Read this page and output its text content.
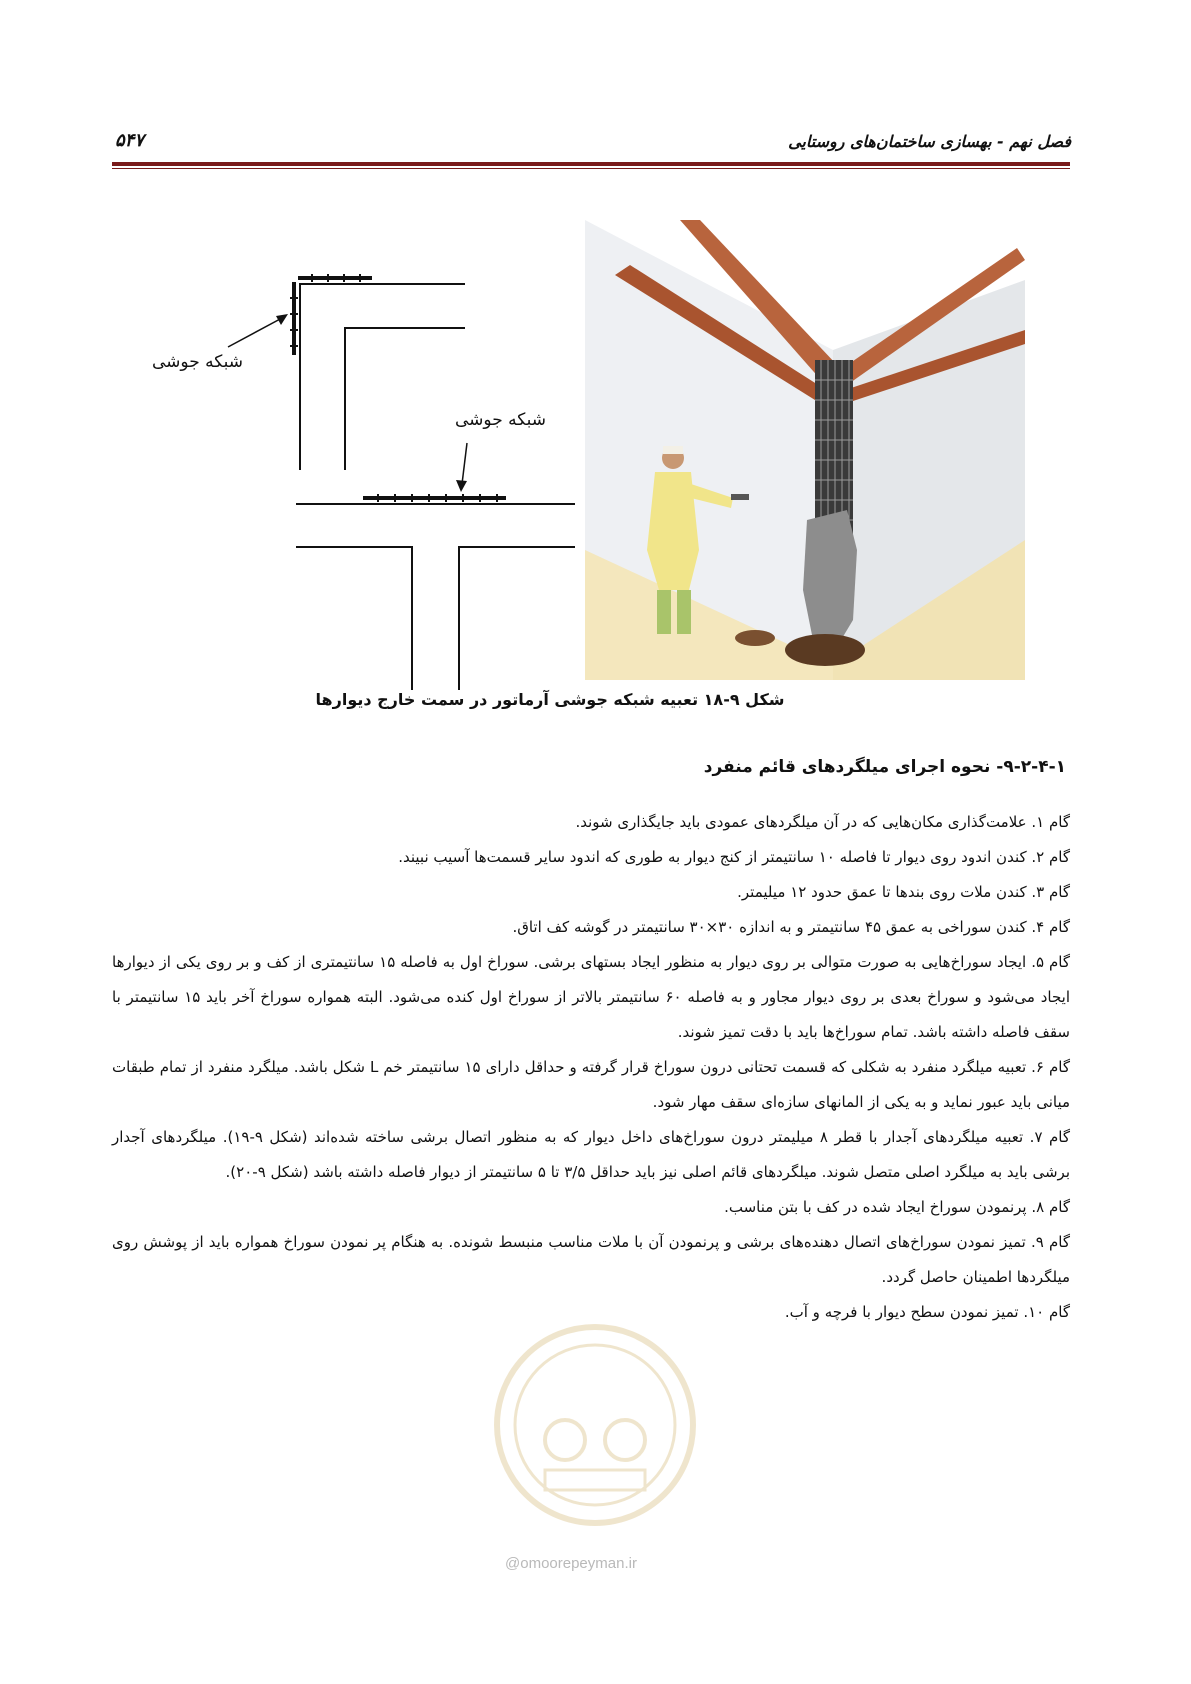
فصل نهم - بهسازی ساختمان‌های روستایی
۵۴۷
شبکه جوشی
شبکه جوشی
شکل ۹-۱۸ تعبیه شبکه جوشی آرماتور در سمت خارج دیوارها
۹-۲-۴-۱- نحوه اجرای میلگردهای قائم منفرد

گام ۱. علامت‌گذاری مکان‌هایی که در آن میلگردهای عمودی باید جایگذاری شوند.

گام ۲. کندن اندود روی دیوار تا فاصله ۱۰ سانتیمتر از کنج دیوار به طوری که اندود سایر قسمت‌ها آسیب نبیند.

گام ۳. کندن ملات روی بندها تا عمق حدود ۱۲ میلیمتر.

گام ۴. کندن سوراخی به عمق ۴۵ سانتیمتر و به اندازه ۳۰×۳۰ سانتیمتر در گوشه کف اتاق.

گام ۵. ایجاد سوراخ‌هایی به صورت متوالی بر روی دیوار به منظور ایجاد بستهای برشی. سوراخ اول به فاصله ۱۵ سانتیمتری از کف و بر روی یکی از دیوارها ایجاد می‌شود و سوراخ بعدی بر روی دیوار مجاور و به فاصله ۶۰ سانتیمتر بالاتر از سوراخ اول کنده می‌شود. البته همواره سوراخ آخر باید ۱۵ سانتیمتر با سقف فاصله داشته باشد. تمام سوراخ‌ها باید با دقت تمیز شوند.

گام ۶. تعبیه میلگرد منفرد به شکلی که قسمت تحتانی درون سوراخ قرار گرفته و حداقل دارای ۱۵ سانتیمتر خم L شکل باشد. میلگرد منفرد از تمام طبقات میانی باید عبور نماید و به یکی از المانهای سازه‌ای سقف مهار شود.

گام ۷. تعبیه میلگردهای آجدار با قطر ۸ میلیمتر درون سوراخ‌های داخل دیوار که به منظور اتصال برشی ساخته شده‌اند (شکل ۹-۱۹). میلگردهای آجدار برشی باید به میلگرد اصلی متصل شوند. میلگردهای قائم اصلی نیز باید حداقل ۳/۵ تا ۵ سانتیمتر از دیوار فاصله داشته باشد (شکل ۹-۲۰).

گام ۸. پرنمودن سوراخ ایجاد شده در کف با بتن مناسب.

گام ۹. تمیز نمودن سوراخ‌های اتصال دهنده‌های برشی و پرنمودن آن با ملات مناسب منبسط شونده. به هنگام پر نمودن سوراخ همواره باید از پوشش روی میلگردها اطمینان حاصل گردد.

گام ۱۰. تمیز نمودن سطح دیوار با فرچه و آب.

@omoorepeyman.ir
